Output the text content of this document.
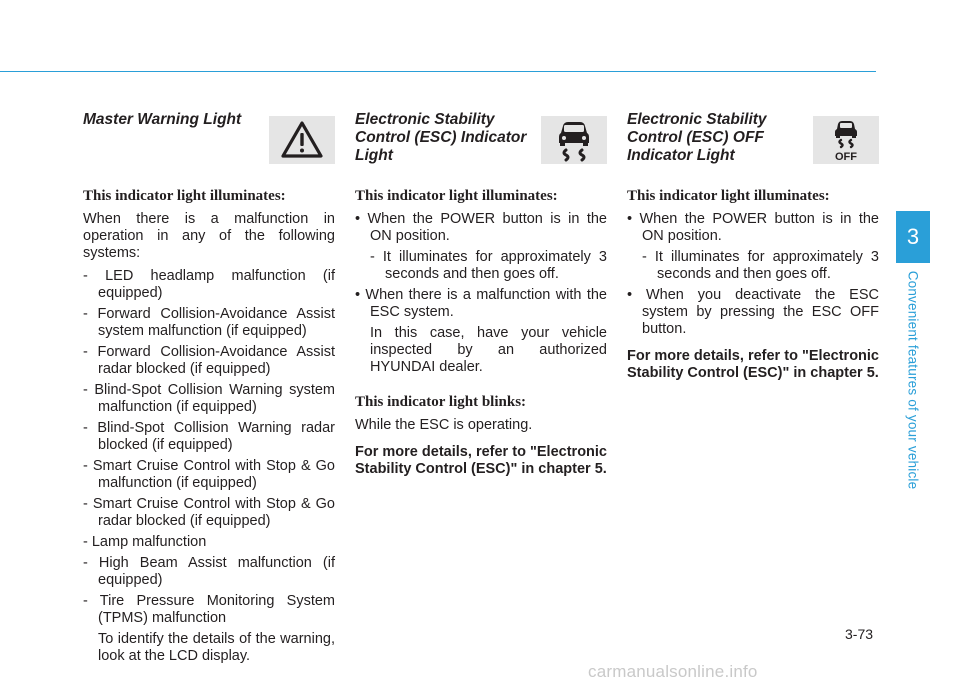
Master Warning Light
This indicator light illuminates:

When there is a malfunction in operation in any of the following systems:

- LED headlamp malfunction (if equipped)
- Forward Collision-Avoidance Assist system malfunction (if equipped)
- Forward Collision-Avoidance Assist radar blocked (if equipped)
- Blind-Spot Collision Warning system malfunction (if equipped)
- Blind-Spot Collision Warning radar blocked (if equipped)
- Smart Cruise Control with Stop & Go malfunction (if equipped)
- Smart Cruise Control with Stop & Go radar blocked (if equipped)
- Lamp malfunction
- High Beam Assist malfunction (if equipped)
- Tire Pressure Monitoring System (TPMS) malfunction

To identify the details of the warning, look at the LCD display.

Electronic Stability Control (ESC) Indicator Light
This indicator light illuminates:

• When the POWER button is in the ON position.

- It illuminates for approximately 3 seconds and then goes off.

• When there is a malfunction with the ESC system.

In this case, have your vehicle inspected by an authorized HYUNDAI dealer.

This indicator light blinks:

While the ESC is operating.

For more details, refer to "Electronic Stability Control (ESC)" in chapter 5.
Electronic Stability Control (ESC) OFF Indicator Light	OFF
This indicator light illuminates:

• When the POWER button is in the ON position.

- It illuminates for approximately 3 seconds and then goes off.

• When you deactivate the ESC system by pressing the ESC OFF button.

For more details, refer to "Electronic Stability Control (ESC)" in chapter 5.
3
Convenient features of your vehicle
3-73
carmanualsonline.info
